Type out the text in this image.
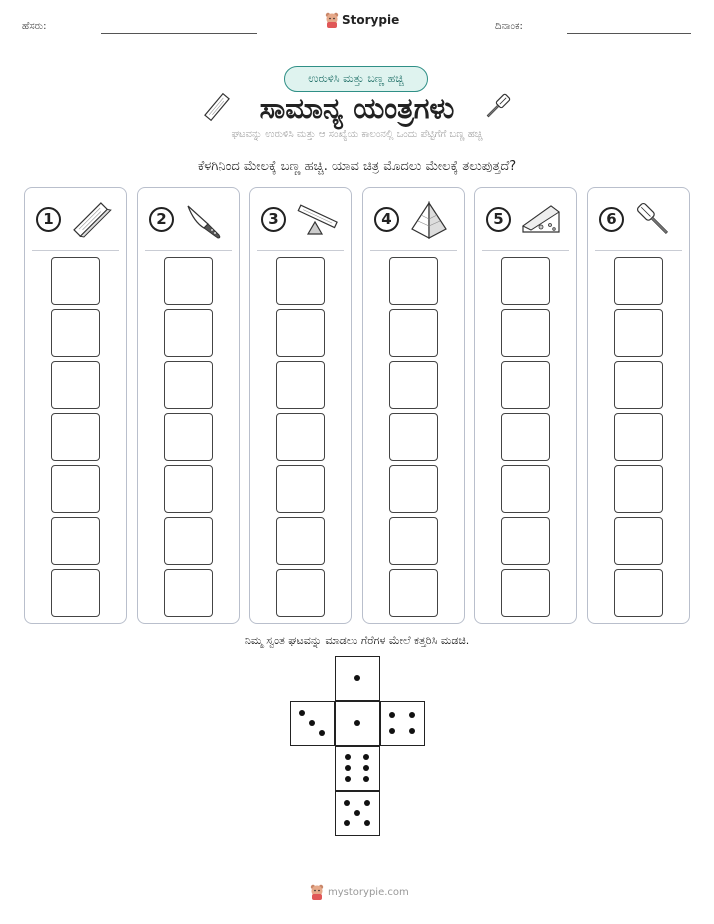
ಹೆಸರು:	Storypie	ದಿನಾಂಕ:
ಉರುಳಿಸಿ ಮತ್ತು ಬಣ್ಣ ಹಚ್ಚಿ
ಸಾಮಾನ್ಯ ಯಂತ್ರಗಳು
ಘಟವನ್ನು ಉರುಳಿಸಿ ಮತ್ತು ಆ ಸಂಖ್ಯೆಯ ಕಾಲಂನಲ್ಲಿ ಒಂದು ಪೆಟ್ಟಿಗೆಗೆ ಬಣ್ಣ ಹಚ್ಚಿ
ಕೆಳಗಿನಿಂದ ಮೇಲಕ್ಕೆ ಬಣ್ಣ ಹಚ್ಚಿ. ಯಾವ ಚಿತ್ರ ಮೊದಲು ಮೇಲಕ್ಕೆ ತಲುಪುತ್ತದೆ?
1	2	3	4	5	6
ನಿಮ್ಮ ಸ್ವಂತ ಘಟವನ್ನು ಮಾಡಲು ಗೆರೆಗಳ ಮೇಲೆ ಕತ್ತರಿಸಿ ಮಡಚಿ.
mystorypie.com
